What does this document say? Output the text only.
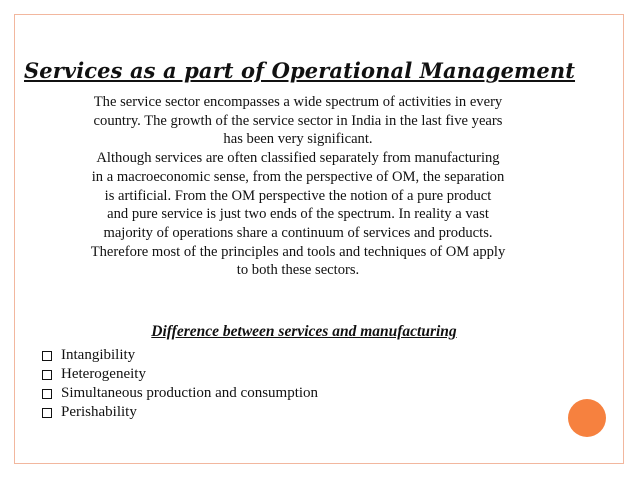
Services as a part of Operational Management
The service sector encompasses a wide spectrum of activities in every
country. The growth of the service sector in India in the last five years
has been very significant.
Although services are often classified separately from manufacturing
in a macroeconomic sense, from the perspective of OM, the separation
is artificial. From the OM perspective the notion of a pure product
and pure service is just two ends of the spectrum. In reality a vast
majority of operations share a continuum of services and products.
Therefore most of the principles and tools and techniques of OM apply
to both these sectors.
Difference between services and manufacturing
Intangibility
Heterogeneity
Simultaneous production and consumption
Perishability
